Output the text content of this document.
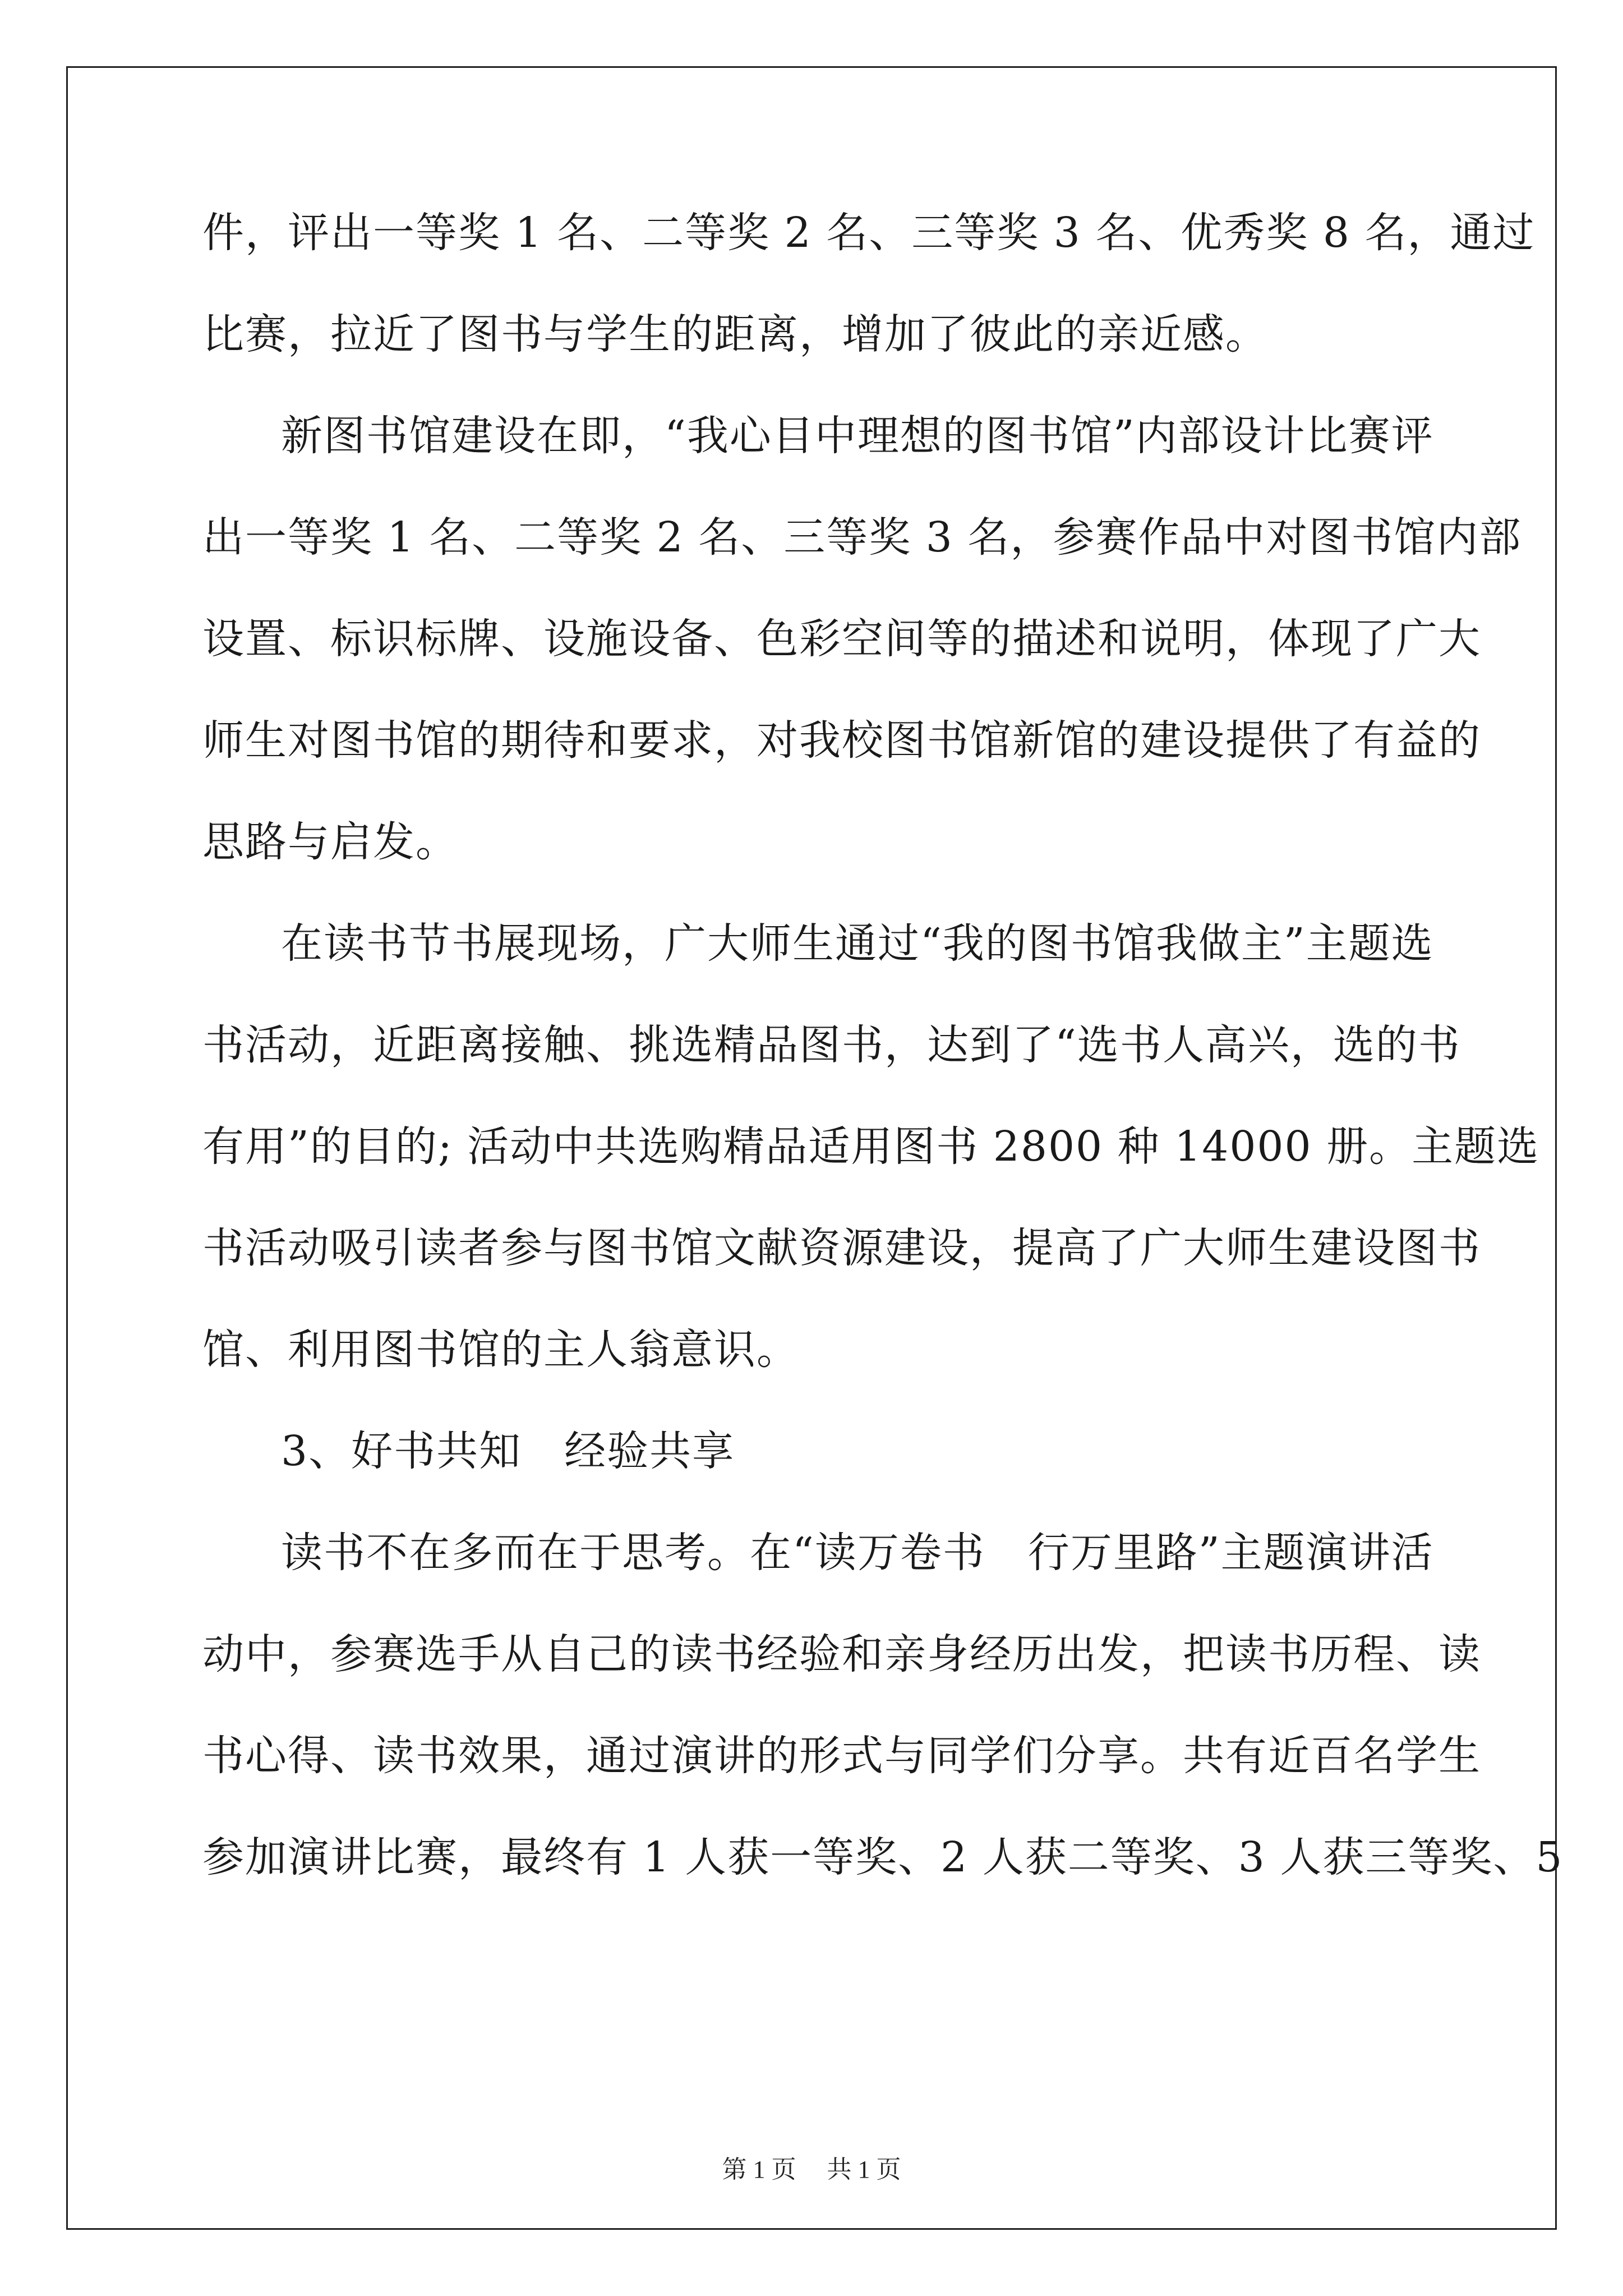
件，评出一等奖 1 名、二等奖 2 名、三等奖 3 名、优秀奖 8 名，通过
比赛，拉近了图书与学生的距离，增加了彼此的亲近感。
新图书馆建设在即，“我心目中理想的图书馆”内部设计比赛评
出一等奖 1 名、二等奖 2 名、三等奖 3 名，参赛作品中对图书馆内部
设置、标识标牌、设施设备、色彩空间等的描述和说明，体现了广大
师生对图书馆的期待和要求，对我校图书馆新馆的建设提供了有益的
思路与启发。
在读书节书展现场，广大师生通过“我的图书馆我做主”主题选
书活动，近距离接触、挑选精品图书，达到了“选书人高兴，选的书
有用”的目的; 活动中共选购精品适用图书 2800 种 14000 册。主题选
书活动吸引读者参与图书馆文献资源建设，提高了广大师生建设图书
馆、利用图书馆的主人翁意识。
3、好书共知　经验共享
读书不在多而在于思考。在“读万卷书　行万里路”主题演讲活
动中，参赛选手从自己的读书经验和亲身经历出发，把读书历程、读
书心得、读书效果，通过演讲的形式与同学们分享。共有近百名学生
参加演讲比赛，最终有 1 人获一等奖、2 人获二等奖、3 人获三等奖、5
第 1 页 共 1 页
